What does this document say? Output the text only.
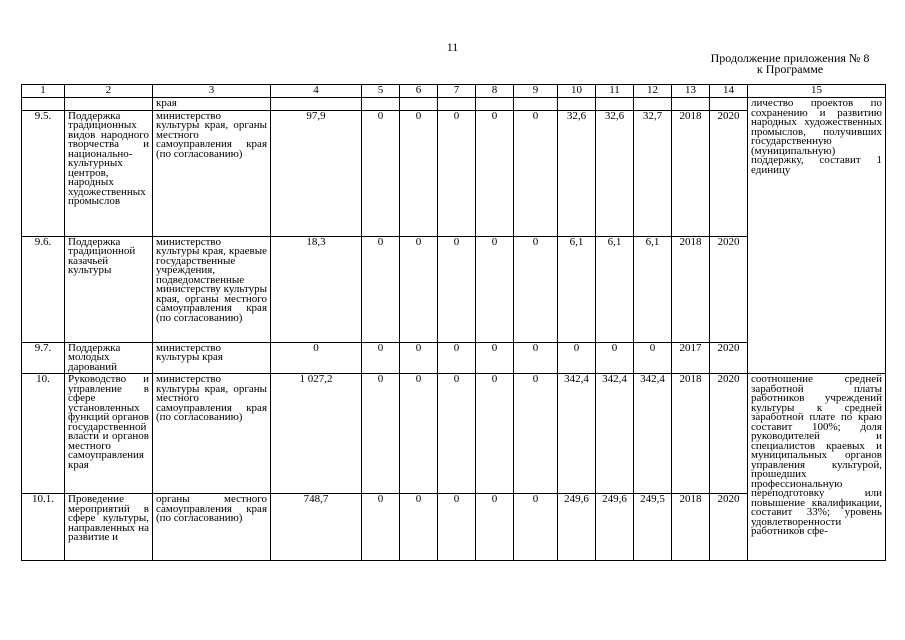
11
Продолжение приложения № 8
к Программе
1	2	3	4	5	6	7	8	9	10	11	12	13	14	15
		края												личество проектов по сохранению и развитию народных художественных промыслов, получивших государственную (муниципальную) поддержку, составит 1 единицу
9.5.	Поддержка традиционных видов народного творчества и национально-культурных центров, народных художественных промыслов	министерство культуры края, органы местного самоуправления края (по согласованию)	97,9	0	0	0	0	0	32,6	32,6	32,7	2018	2020	
9.6.	Поддержка традиционной казачьей культуры	министерство культуры края, краевые государственные учреждения, подведомственные министерству культуры края, органы местного самоуправления края (по согласованию)	18,3	0	0	0	0	0	6,1	6,1	6,1	2018	2020	
9.7.	Поддержка молодых дарований	министерство культуры края	0	0	0	0	0	0	0	0	0	2017	2020	
10.	Руководство и управление в сфере установленных функций органов государственной власти и органов местного самоуправления края	министерство культуры края, органы местного самоуправления края (по согласованию)	1 027,2	0	0	0	0	0	342,4	342,4	342,4	2018	2020	соотношение средней заработной платы работников учреждений культуры к средней заработной плате по краю составит 100%; доля руководителей и специалистов краевых и муниципальных органов управления культурой, прошедших профессиональную переподготовку или повышение квалификации, составит 33%; уровень удовлетворенности работников сфе-
10.1.	Проведение мероприятий в сфере культуры, направленных на развитие и	органы местного самоуправления края (по согласованию)	748,7	0	0	0	0	0	249,6	249,6	249,5	2018	2020	
